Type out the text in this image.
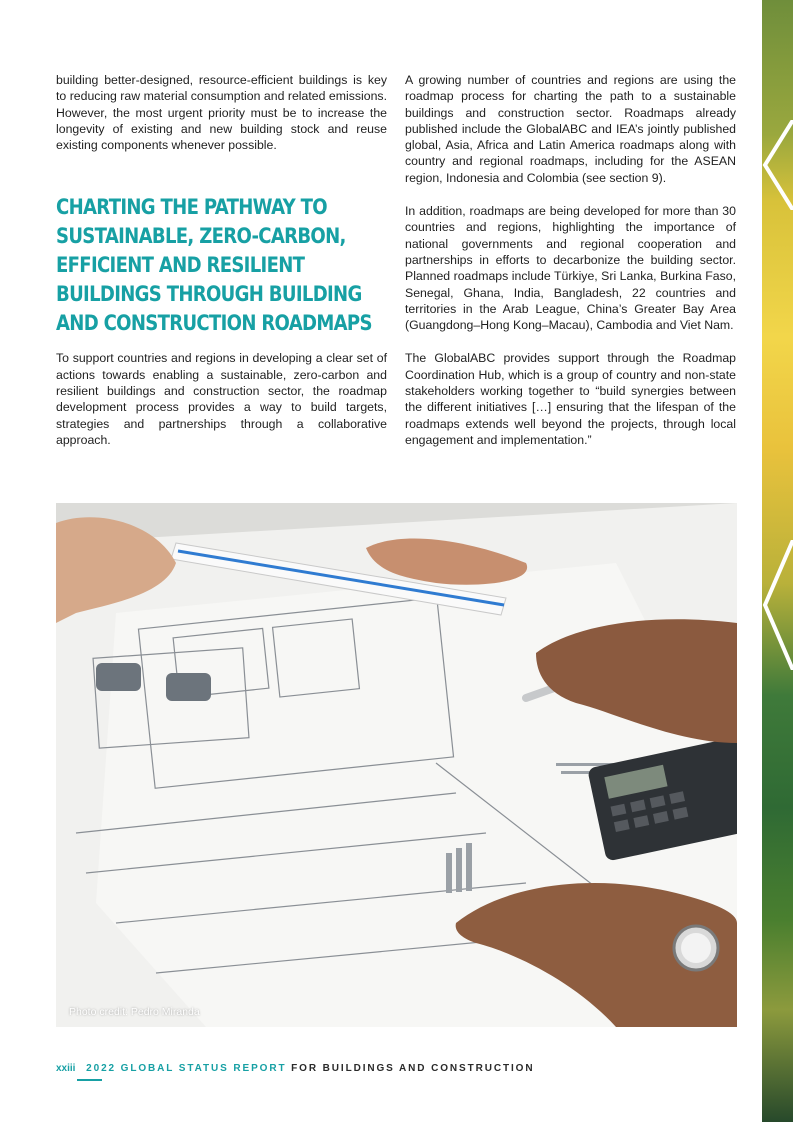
building better-designed, resource-efficient buildings is key to reducing raw material consumption and related emissions. However, the most urgent priority must be to increase the longevity of existing and new building stock and reuse existing components whenever possible.

CHARTING THE PATHWAY TO SUSTAINABLE, ZERO-CARBON, EFFICIENT AND RESILIENT BUILDINGS THROUGH BUILDING AND CONSTRUCTION ROADMAPS

To support countries and regions in developing a clear set of actions towards enabling a sustainable, zero-carbon and resilient buildings and construction sector, the roadmap development process provides a way to build targets, strategies and partnerships through a collaborative approach.

A growing number of countries and regions are using the roadmap process for charting the path to a sustainable buildings and construction sector. Roadmaps already published include the GlobalABC and IEA’s jointly published global, Asia, Africa and Latin America roadmaps along with country and regional roadmaps, including for the ASEAN region, Indonesia and Colombia (see section 9).

In addition, roadmaps are being developed for more than 30 countries and regions, highlighting the importance of national governments and regional cooperation and partnerships in efforts to decarbonize the building sector. Planned roadmaps include Türkiye, Sri Lanka, Burkina Faso, Senegal, Ghana, India, Bangladesh, 22 countries and territories in the Arab League, China’s Greater Bay Area (Guangdong–Hong Kong–Macau), Cambodia and Viet Nam.

The GlobalABC provides support through the Roadmap Coordination Hub, which is a group of country and non-state stakeholders working together to “build synergies between the different initiatives […] ensuring that the lifespan of the roadmaps extends well beyond the projects, through local engagement and implementation.”

Photo credit: Pedro Miranda
xxiii 2022 GLOBAL STATUS REPORT FOR BUILDINGS AND CONSTRUCTION
